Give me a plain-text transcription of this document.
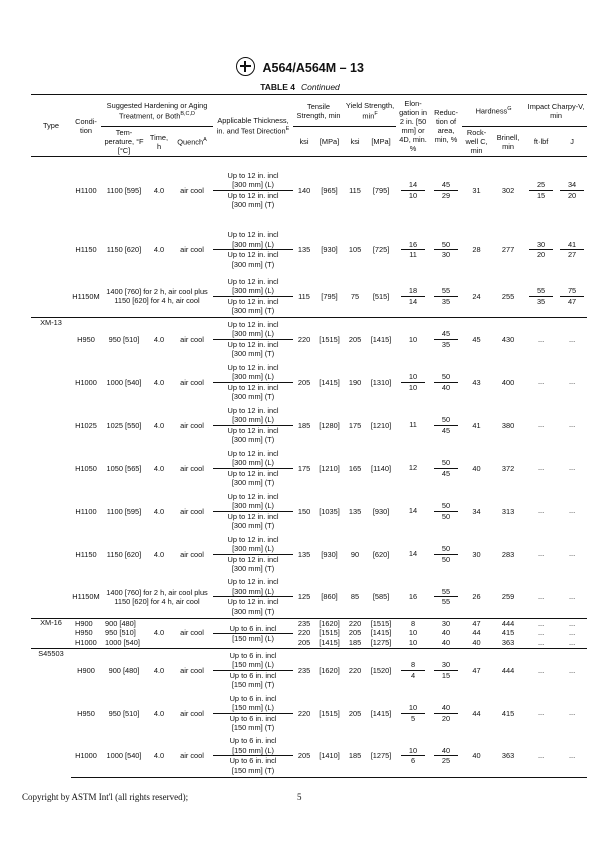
A564/A564M – 13
TABLE 4 Continued
Type	Condi- tion	Suggested Hardening or Aging Treatment, or Both$^{B,C,D}$			Applicable Thickness, in. and Test Direction$^E$	Tensile Strength, min		Yield Strength, $\min^F$		Elon- gation in 2 in. [50 mm] or 4D, min. %	Reduc- tion of area, min, %	Hardness$^G$		Impact Charpy-V, min	
		Tem- perature, °F [°C]	Time, h	Quench$^A$		ksi	[MPa]	ksi	[MPa]			Rock- well C, min	Brinell, min	ft·lbf	J
	H1100	1100 [595]	4.0	air cool	Up to 12 in. incl
[300 mm] (L)
Up to 12 in. incl
[300 mm] (T)	140	[965]	115	[795]	$\frac{14}{10}$	$\frac{45}{29}$	31	302	$\frac{25}{15}$	$\frac{34}{20}$

	H1150	1150 [620]	4.0	air cool	Up to 12 in. incl
[300 mm] (L)
Up to 12 in. incl
[300 mm] (T)	135	[930]	105	[725]	$\frac{16}{11}$	$\frac{50}{30}$	28	277	$\frac{30}{20}$	$\frac{41}{27}$

	H1150M	1400 [760] for 2 h, air cool plus
1150 [620] for 4 h, air cool			Up to 12 in. incl
[300 mm] (L)
Up to 12 in. incl
[300 mm] (T)	115	[795]	75	[515]	$\frac{18}{14}$	$\frac{55}{35}$	24	255	$\frac{55}{35}$	$\frac{75}{47}$

XM-13	H950	950 [510]	4.0	air cool	Up to 12 in. incl
[300 mm] (L)
Up to 12 in. incl
[300 mm] (T)	220	[1515]	205	[1415]	10	$\frac{45}{35}$	45	430	...	...

	H1000	1000 [540]	4.0	air cool	Up to 12 in. incl
[300 mm] (L)
Up to 12 in. incl
[300 mm] (T)	205	[1415]	190	[1310]	$\frac{10}{10}$	$\frac{50}{40}$	43	400	...	...

	H1025	1025 [550]	4.0	air cool	Up to 12 in. incl
[300 mm] (L)
Up to 12 in. incl
[300 mm] (T)	185	[1280]	175	[1210]	11	$\frac{50}{45}$	41	380	...	...

	H1050	1050 [565]	4.0	air cool	Up to 12 in. incl
[300 mm] (L)
Up to 12 in. incl
[300 mm] (T)	175	[1210]	165	[1140]	12	$\frac{50}{45}$	40	372	...	...

	H1100	1100 [595]	4.0	air cool	Up to 12 in. incl
[300 mm] (L)
Up to 12 in. incl
[300 mm] (T)	150	[1035]	135	[930]	14	$\frac{50}{50}$	34	313	...	...

	H1150	1150 [620]	4.0	air cool	Up to 12 in. incl
[300 mm] (L)
Up to 12 in. incl
[300 mm] (T)	135	[930]	90	[620]	14	$\frac{50}{50}$	30	283	...	...

	H1150M	1400 [760] for 2 h, air cool plus
1150 [620] for 4 h, air cool			Up to 12 in. incl
[300 mm] (L)
Up to 12 in. incl
[300 mm] (T)	125	[860]	85	[585]	16	$\frac{55}{55}$	26	259	...	...

XM-16	H900	900 [480]	4.0	air cool	Up to 6 in. incl
[150 mm] (L)	235	[1620]	220	[1515]	8	30	47	444	...	...
	H950	950 [510]				220	[1515]	205	[1415]	10	40	44	415	...	...
	H1000	1000 [540]				205	[1415]	185	[1275]	10	40	40	363	...	...
S45503	H900	900 [480]	4.0	air cool	Up to 6 in. incl
[150 mm] (L)
Up to 6 in. incl
[150 mm] (T)	235	[1620]	220	[1520]	$\frac{8}{4}$	$\frac{30}{15}$	47	444	...	...

	H950	950 [510]	4.0	air cool	Up to 6 in. incl
[150 mm] (L)
Up to 6 in. incl
[150 mm] (T)	220	[1515]	205	[1415]	$\frac{10}{5}$	$\frac{40}{20}$	44	415	...	...

	H1000	1000 [540]	4.0	air cool	Up to 6 in. incl
[150 mm] (L)
Up to 6 in. incl
[150 mm] (T)	205	[1410]	185	[1275]	$\frac{10}{6}$	$\frac{40}{25}$	40	363	...	...
Copyright by ASTM Int'l (all rights reserved);	5
